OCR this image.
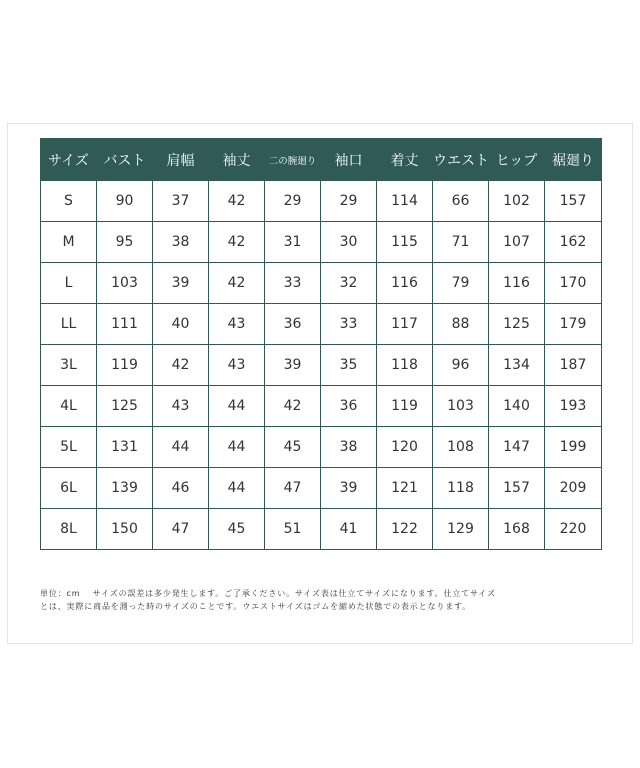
サイズ	バスト	肩幅	袖丈	二の腕廻り	袖口	着丈	ウエスト	ヒップ	裾廻り
S	90	37	42	29	29	114	66	102	157
M	95	38	42	31	30	115	71	107	162
L	103	39	42	33	32	116	79	116	170
LL	111	40	43	36	33	117	88	125	179
3L	119	42	43	39	35	118	96	134	187
4L	125	43	44	42	36	119	103	140	193
5L	131	44	44	45	38	120	108	147	199
6L	139	46	44	47	39	121	118	157	209
8L	150	47	45	51	41	122	129	168	220

単位：cm　 サイズの誤差は多少発生します。ご了承ください。サイズ表は仕立てサイズになります。仕立てサイズ
とは、実際に商品を測った時のサイズのことです。ウエストサイズはゴムを縮めた状態での表示となります。
